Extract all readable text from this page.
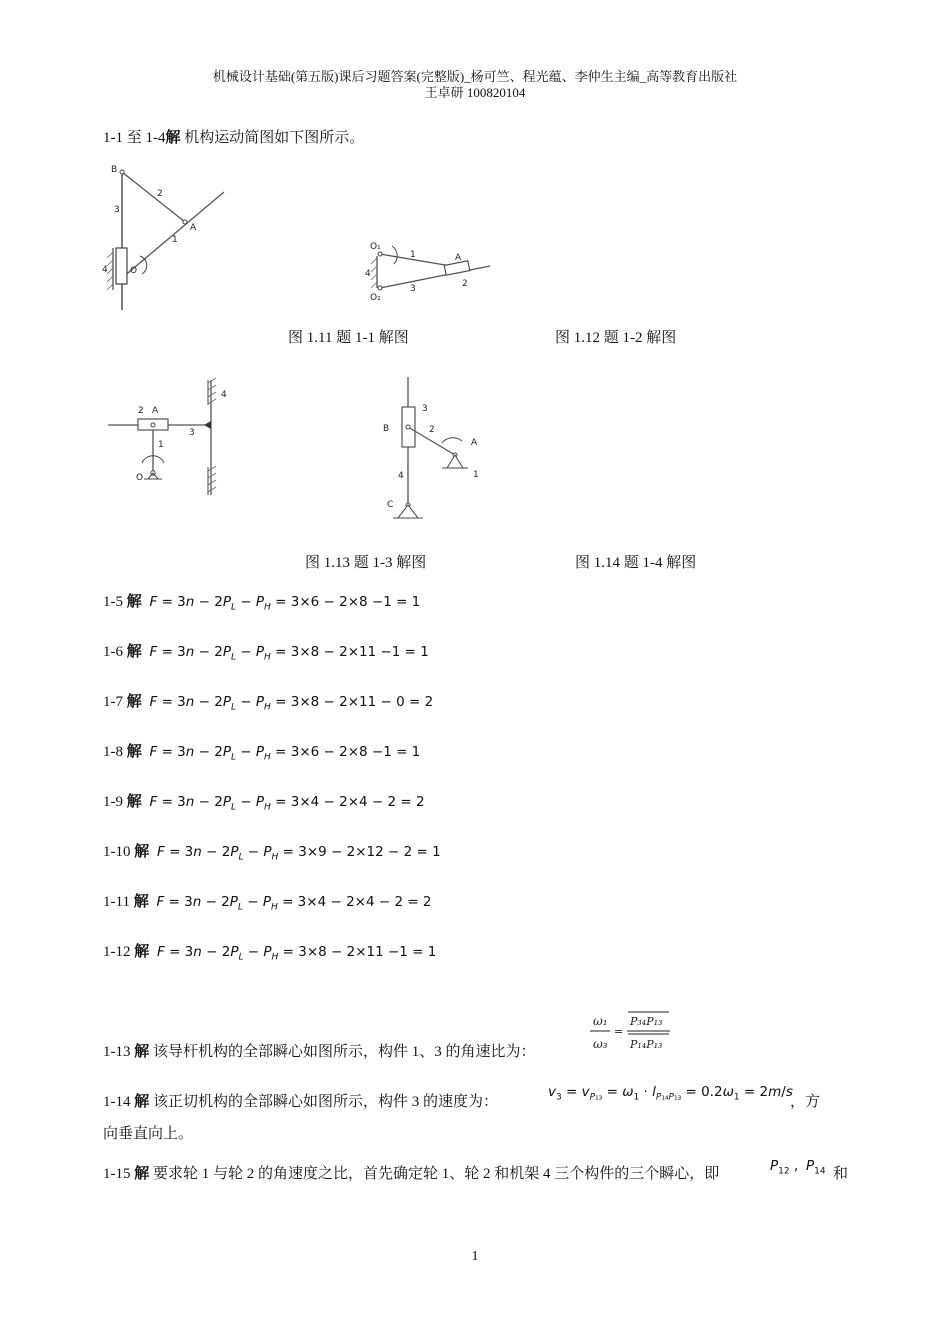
机械设计基础(第五版)课后习题答案(完整版)_杨可竺、程光蕴、李仲生主编_高等教育出版社
王卓研 100820104
1-1 至 1-4解 机构运动简图如下图所示。
B
2
3
A
1
4 O
O₁
O₂
A
1
2
3
4
图 1.11 题 1-1 解图	图 1.12 题 1-2 解图
2 A
1
3
4
O
B
3
2
A
4
C
1
图 1.13 题 1-3 解图	图 1.14 题 1-4 解图
1-5 解 $F = 3n - 2P_L - P_H = 3\times 6 - 2\times 8 -1 = 1$
1-6 解 $F = 3n - 2P_L - P_H = 3\times 8 - 2\times 11 -1 = 1$
1-7 解 $F = 3n - 2P_L - P_H = 3\times 8 - 2\times 11 - 0 = 2$
1-8 解 $F = 3n - 2P_L - P_H = 3\times 6 - 2\times 8 -1 = 1$
1-9 解 $F = 3n - 2P_L - P_H = 3\times 4 - 2\times 4 - 2 = 2$
1-10 解 $F = 3n - 2P_L - P_H = 3\times 9 - 2\times 12 - 2 = 1$
1-11 解 $F = 3n - 2P_L - P_H = 3\times 4 - 2\times 4 - 2 = 2$
1-12 解 $F = 3n - 2P_L - P_H = 3\times 8 - 2\times 11 -1 = 1$
1-13 解 该导杆机构的全部瞬心如图所示，构件 1、3 的角速比为：
ω₁
ω₃
=
P₃₄P₁₃
P₁₄P₁₃
1-14 解 该正切机构的全部瞬心如图所示，构件 3 的速度为：
$v_3 = v_{P_{13}} = \omega_1 \cdot l_{P_{14}P_{13}} = 0.2\omega_1 = 2m/s$
，方
向垂直向上。
1-15 解 要求轮 1 与轮 2 的角速度之比，首先确定轮 1、轮 2 和机架 4 三个构件的三个瞬心，即	$P_{12}$ , $P_{14}$ 和
1
